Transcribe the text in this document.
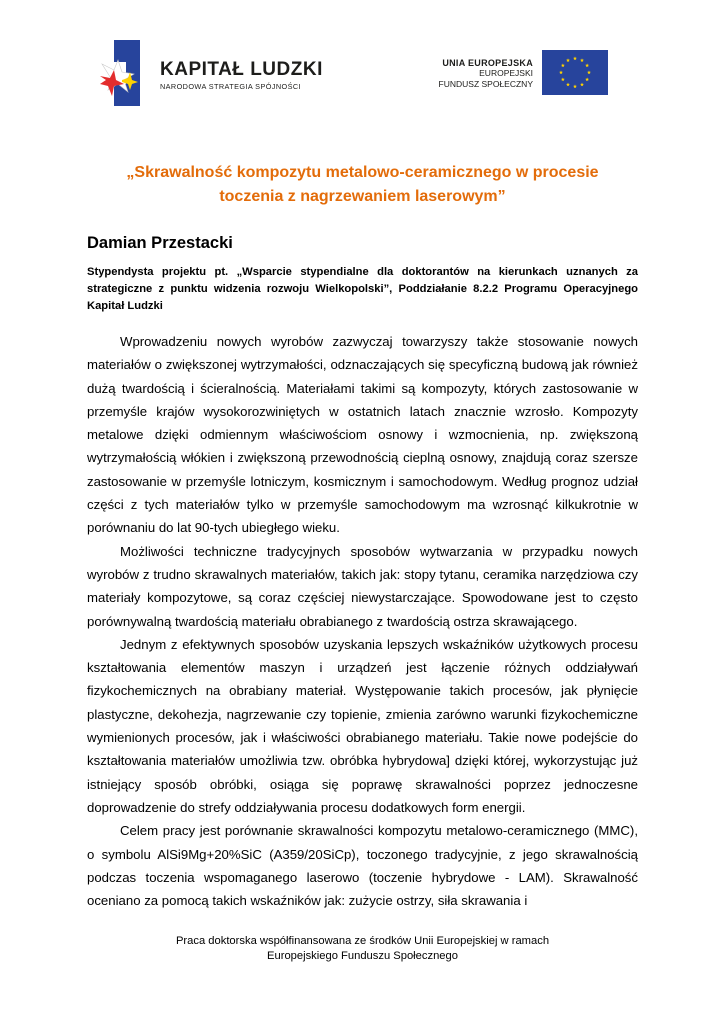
KAPITAŁ LUDZKI
NARODOWA STRATEGIA SPÓJNOŚCI
UNIA EUROPEJSKA
EUROPEJSKI
FUNDUSZ SPOŁECZNY
„Skrawalność kompozytu metalowo-ceramicznego w procesie
toczenia z nagrzewaniem laserowym”
Damian Przestacki

Stypendysta projektu pt. „Wsparcie stypendialne dla doktorantów na kierunkach uznanych za strategiczne z punktu widzenia rozwoju Wielkopolski”, Poddziałanie 8.2.2 Programu Operacyjnego Kapitał Ludzki

Wprowadzeniu nowych wyrobów zazwyczaj towarzyszy także stosowanie nowych materiałów o zwiększonej wytrzymałości, odznaczających się specyficzną budową jak również dużą twardością i ścieralnością. Materiałami takimi są kompozyty, których zastosowanie w przemyśle krajów wysokorozwiniętych w ostatnich latach znacznie wzrosło. Kompozyty metalowe dzięki odmiennym właściwościom osnowy i wzmocnienia, np. zwiększoną wytrzymałością włókien i zwiększoną przewodnością cieplną osnowy, znajdują coraz szersze zastosowanie w przemyśle lotniczym, kosmicznym i samochodowym. Według prognoz udział części z tych materiałów tylko w przemyśle samochodowym ma wzrosnąć kilkukrotnie w porównaniu do lat 90-tych ubiegłego wieku.

Możliwości techniczne tradycyjnych sposobów wytwarzania w przypadku nowych wyrobów z trudno skrawalnych materiałów, takich jak: stopy tytanu, ceramika narzędziowa czy materiały kompozytowe, są coraz częściej niewystarczające. Spowodowane jest to często porównywalną twardością materiału obrabianego z twardością ostrza skrawającego.

Jednym z efektywnych sposobów uzyskania lepszych wskaźników użytkowych procesu kształtowania elementów maszyn i urządzeń jest łączenie różnych oddziaływań fizykochemicznych na obrabiany materiał. Występowanie takich procesów, jak płynięcie plastyczne, dekohezja, nagrzewanie czy topienie, zmienia zarówno warunki fizykochemiczne wymienionych procesów, jak i właściwości obrabianego materiału. Takie nowe podejście do kształtowania materiałów umożliwia tzw. obróbka hybrydowa] dzięki której, wykorzystując już istniejący sposób obróbki, osiąga się poprawę skrawalności poprzez jednoczesne doprowadzenie do strefy oddziaływania procesu dodatkowych form energii.

Celem pracy jest porównanie skrawalności kompozytu metalowo-ceramicznego (MMC), o symbolu AlSi9Mg+20%SiC (A359/20SiCp), toczonego tradycyjnie, z jego skrawalnością podczas toczenia wspomaganego laserowo (toczenie hybrydowe - LAM). Skrawalność oceniano za pomocą takich wskaźników jak: zużycie ostrzy, siła skrawania i

Praca doktorska współfinansowana ze środków Unii Europejskiej w ramach
Europejskiego Funduszu Społecznego
